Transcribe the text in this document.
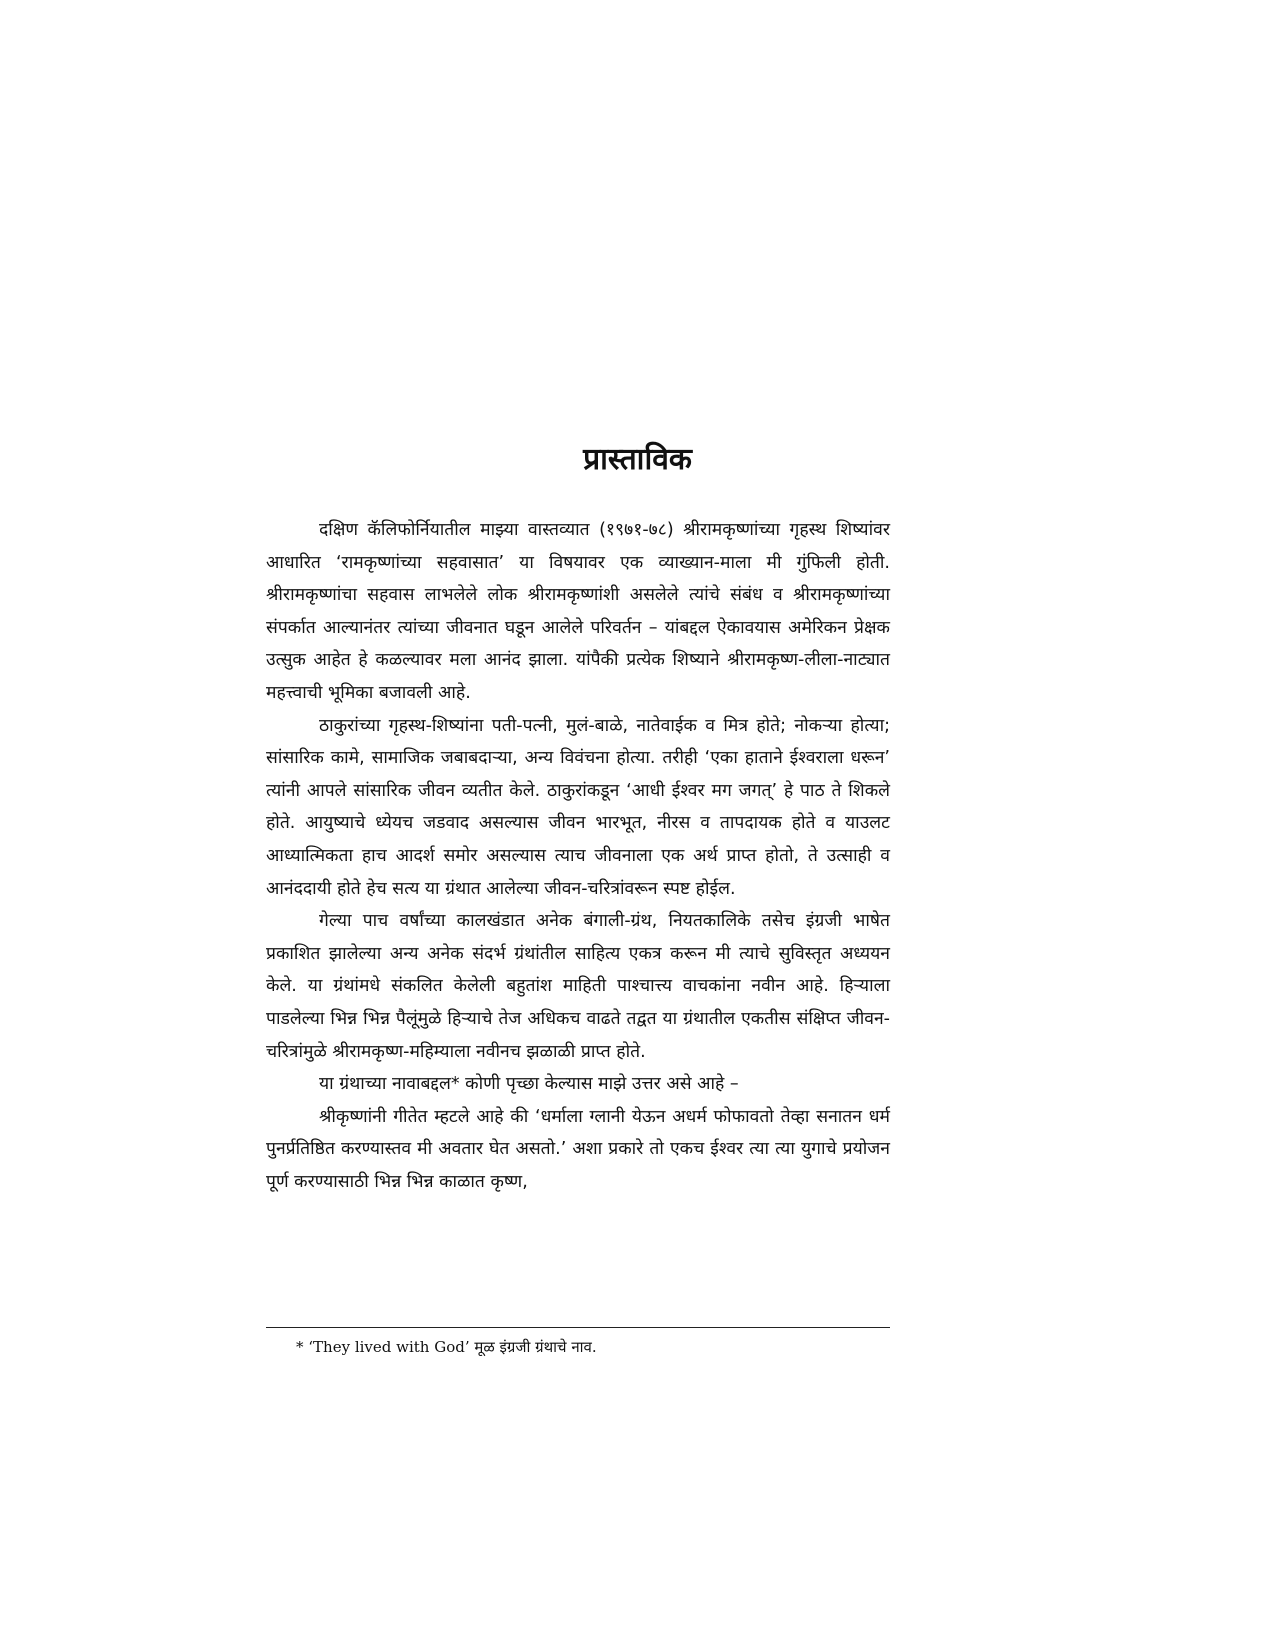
प्रास्ताविक

दक्षिण कॅलिफोर्नियातील माझ्या वास्तव्यात (१९७१-७८) श्रीरामकृष्णांच्या गृहस्थ शिष्यांवर आधारित ‘रामकृष्णांच्या सहवासात’ या विषयावर एक व्याख्यान-माला मी गुंफिली होती. श्रीरामकृष्णांचा सहवास लाभलेले लोक श्रीरामकृष्णांशी असलेले त्यांचे संबंध व श्रीरामकृष्णांच्या संपर्कात आल्यानंतर त्यांच्या जीवनात घडून आलेले परिवर्तन – यांबद्दल ऐकावयास अमेरिकन प्रेक्षक उत्सुक आहेत हे कळल्यावर मला आनंद झाला. यांपैकी प्रत्येक शिष्याने श्रीरामकृष्ण-लीला-नाट्यात महत्त्वाची भूमिका बजावली आहे.

ठाकुरांच्या गृहस्थ-शिष्यांना पती-पत्नी, मुलं-बाळे, नातेवाईक व मित्र होते; नोकऱ्या होत्या; सांसारिक कामे, सामाजिक जबाबदाऱ्या, अन्य विवंचना होत्या. तरीही ‘एका हाताने ईश्वराला धरून’ त्यांनी आपले सांसारिक जीवन व्यतीत केले. ठाकुरांकडून ‘आधी ईश्वर मग जगत्’ हे पाठ ते शिकले होते. आयुष्याचे ध्येयच जडवाद असल्यास जीवन भारभूत, नीरस व तापदायक होते व याउलट आध्यात्मिकता हाच आदर्श समोर असल्यास त्याच जीवनाला एक अर्थ प्राप्त होतो, ते उत्साही व आनंददायी होते हेच सत्य या ग्रंथात आलेल्या जीवन-चरित्रांवरून स्पष्ट होईल.

गेल्या पाच वर्षांच्या कालखंडात अनेक बंगाली-ग्रंथ, नियतकालिके तसेच इंग्रजी भाषेत प्रकाशित झालेल्या अन्य अनेक संदर्भ ग्रंथांतील साहित्य एकत्र करून मी त्याचे सुविस्तृत अध्ययन केले. या ग्रंथांमधे संकलित केलेली बहुतांश माहिती पाश्चात्त्य वाचकांना नवीन आहे. हिऱ्याला पाडलेल्या भिन्न भिन्न पैलूंमुळे हिऱ्याचे तेज अधिकच वाढते तद्वत या ग्रंथातील एकतीस संक्षिप्त जीवन-चरित्रांमुळे श्रीरामकृष्ण-महिम्याला नवीनच झळाळी प्राप्त होते.

या ग्रंथाच्या नावाबद्दल* कोणी पृच्छा केल्यास माझे उत्तर असे आहे –

श्रीकृष्णांनी गीतेत म्हटले आहे की ‘धर्माला ग्लानी येऊन अधर्म फोफावतो तेव्हा सनातन धर्म पुनर्प्रतिष्ठित करण्यास्तव मी अवतार घेत असतो.’ अशा प्रकारे तो एकच ईश्वर त्या त्या युगाचे प्रयोजन पूर्ण करण्यासाठी भिन्न भिन्न काळात कृष्ण,

* ‘They lived with God’ मूळ इंग्रजी ग्रंथाचे नाव.
